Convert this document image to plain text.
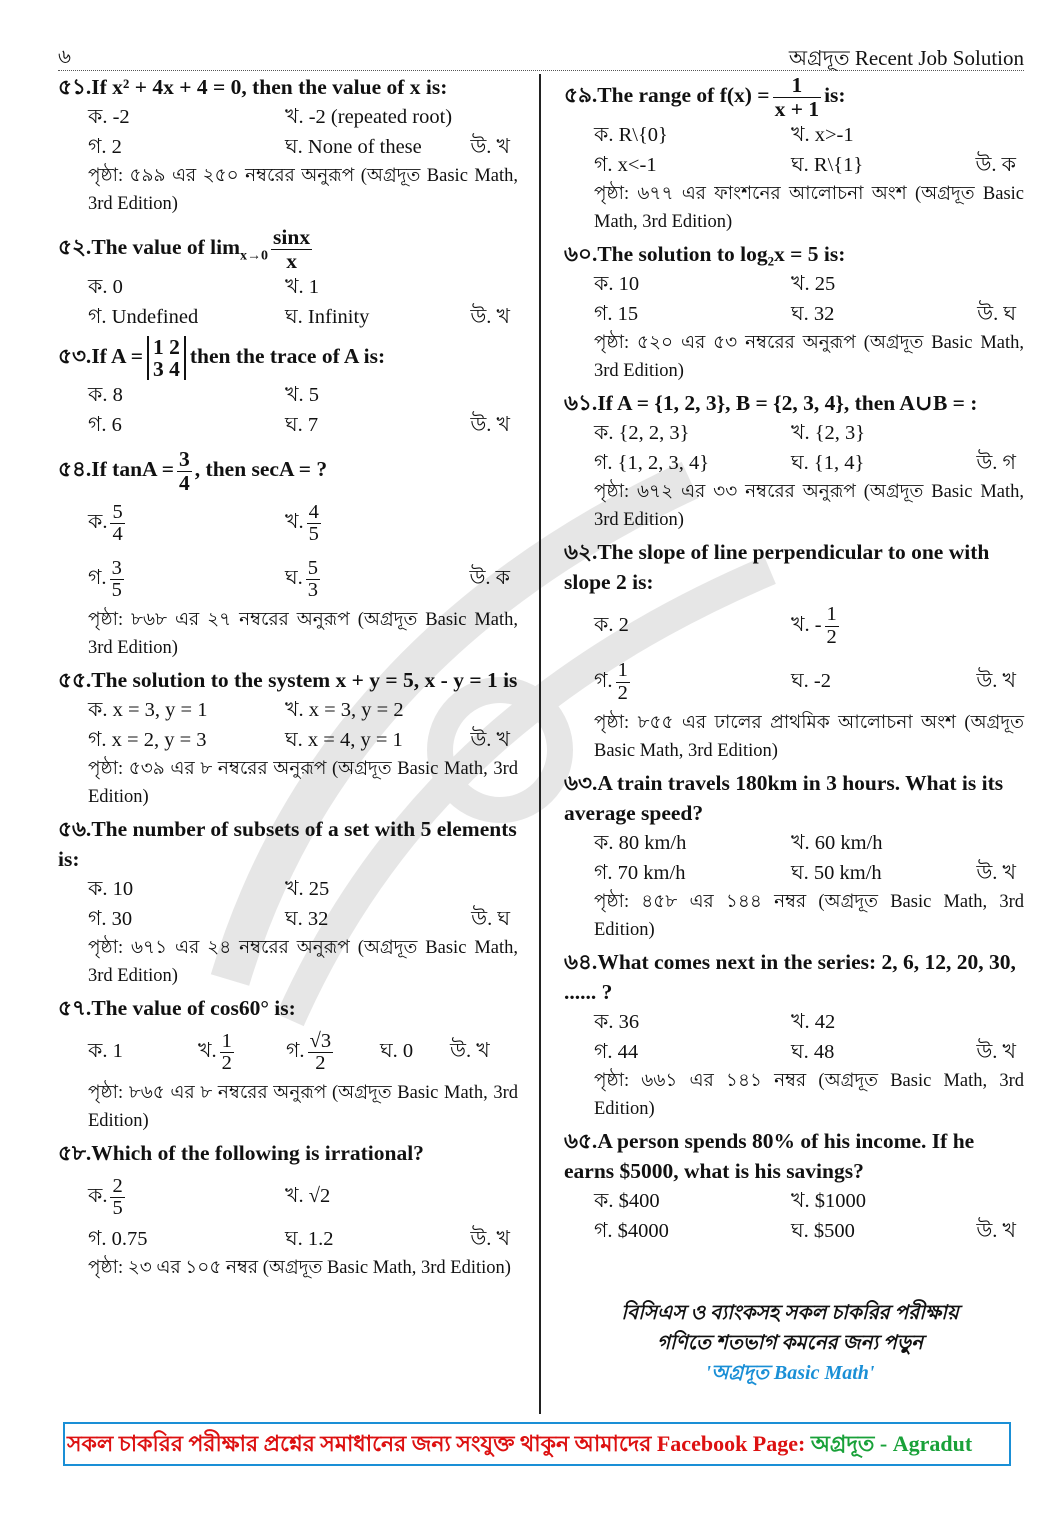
৬	অগ্রদূত Recent Job Solution
৫১.If x² + 4x + 4 = 0, then the value of x is:
ক. -2	খ. -2 (repeated root)
গ. 2	ঘ. None of these উ. খ
পৃষ্ঠা: ৫৯৯ এর ২৫০ নম্বরের অনুরূপ (অগ্রদূত Basic Math, 3rd Edition)
৫২.The value of $\lim_{x\to 0} \frac{\sin x}{x}$
ক. 0	খ. 1
গ. Undefined	ঘ. Infinity	উ. খ
৫৩.If A = 1 2
3 4
then the trace of A is:
ক. 8	খ. 5
গ. 6	ঘ. 7	উ. খ
৫৪.If $\tan A = \frac{3}{4}$ , then secA = ?
ক. $\frac{5}{4}$	খ. $\frac{4}{5}$
গ. $\frac{3}{5}$	ঘ. $\frac{5}{3}$	উ. ক
পৃষ্ঠা: ৮৬৮ এর ২৭ নম্বরের অনুরূপ (অগ্রদূত Basic Math, 3rd Edition)
৫৫.The solution to the system x + y = 5, x - y = 1 is
ক. x = 3, y = 1	খ. x = 3, y = 2
গ. x = 2, y = 3	ঘ. x = 4, y = 1	উ. খ
পৃষ্ঠা: ৫৩৯ এর ৮ নম্বরের অনুরূপ (অগ্রদূত Basic Math, 3rd Edition)
৫৬.The number of subsets of a set with 5 elements is:
ক. 10	খ. 25
গ. 30	ঘ. 32	উ. ঘ
পৃষ্ঠা: ৬৭১ এর ২৪ নম্বরের অনুরূপ (অগ্রদূত Basic Math, 3rd Edition)
৫৭.The value of cos60° is:
ক. 1	খ. $\frac{1}{2}$	গ. $\frac{√3}{2}$ ঘ. 0 উ. খ
পৃষ্ঠা: ৮৬৫ এর ৮ নম্বরের অনুরূপ (অগ্রদূত Basic Math, 3rd Edition)
৫৮.Which of the following is irrational?
ক. $\frac{2}{5}$	খ. √2
গ. 0.75	ঘ. 1.2	উ. খ
পৃষ্ঠা: ২৩ এর ১০৫ নম্বর (অগ্রদূত Basic Math, 3rd Edition)
৫৯.The range of $f(x) = \frac{1}{x + 1}$ is:
ক. R\{0}	খ. x>-1
গ. x<-1	ঘ. R\{1}	উ. ক
পৃষ্ঠা: ৬৭৭ এর ফাংশনের আলোচনা অংশ (অগ্রদূত Basic Math, 3rd Edition)
৬০.The solution to log₂x = 5 is:
ক. 10	খ. 25
গ. 15	ঘ. 32	উ. ঘ
পৃষ্ঠা: ৫২০ এর ৫৩ নম্বরের অনুরূপ (অগ্রদূত Basic Math, 3rd Edition)
৬১.If A = {1, 2, 3}, B = {2, 3, 4}, then A∪B = :
ক. {2, 2, 3}	খ. {2, 3}
গ. {1, 2, 3, 4}	ঘ. {1, 4}	উ. গ
পৃষ্ঠা: ৬৭২ এর ৩৩ নম্বরের অনুরূপ (অগ্রদূত Basic Math, 3rd Edition)
৬২.The slope of line perpendicular to one with slope 2 is:
ক. 2	খ. - $\frac{1}{2}$
গ. $\frac{1}{2}$	ঘ. -2	উ. খ
পৃষ্ঠা: ৮৫৫ এর ঢালের প্রাথমিক আলোচনা অংশ (অগ্রদূত Basic Math, 3rd Edition)
৬৩.A train travels 180km in 3 hours. What is its average speed?
ক. 80 km/h	খ. 60 km/h
গ. 70 km/h	ঘ. 50 km/h	উ. খ
পৃষ্ঠা: ৪৫৮ এর ১৪৪ নম্বর (অগ্রদূত Basic Math, 3rd Edition)
৬৪.What comes next in the series: 2, 6, 12, 20, 30, ...... ?
ক. 36	খ. 42
গ. 44	ঘ. 48	উ. খ
পৃষ্ঠা: ৬৬১ এর ১৪১ নম্বর (অগ্রদূত Basic Math, 3rd Edition)
৬৫.A person spends 80% of his income. If he earns $5000, what is his savings?
ক. $400	খ. $1000
গ. $4000	ঘ. $500	উ. খ
বিসিএস ও ব্যাংকসহ সকল চাকরির পরীক্ষায়
গণিতে শতভাগ কমনের জন্য পড়ুন
'অগ্রদূত Basic Math'
সকল চাকরির পরীক্ষার প্রশ্নের সমাধানের জন্য সংযুক্ত থাকুন আমাদের Facebook Page: অগ্রদূত - Agradut
